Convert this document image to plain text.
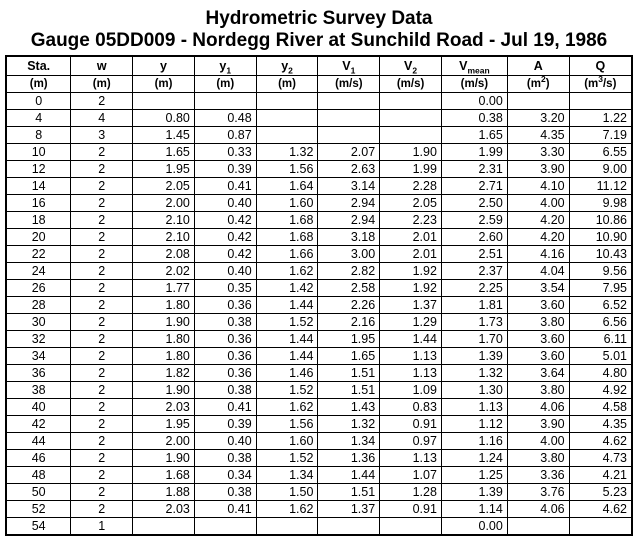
Hydrometric Survey Data
Gauge 05DD009 - Nordegg River at Sunchild Road - Jul 19, 1986
Sta.	w	y	$y_1$	$y_2$	$V_1$	$V_2$	$V_{mean}$	A	Q
(m)	(m)	(m)	(m)	(m)	(m/s)	(m/s)	(m/s)	$(m^2)$	$(m^3/s)$
0	2						0.00		
4	4	0.80	0.48				0.38	3.20	1.22
8	3	1.45	0.87				1.65	4.35	7.19
10	2	1.65	0.33	1.32	2.07	1.90	1.99	3.30	6.55
12	2	1.95	0.39	1.56	2.63	1.99	2.31	3.90	9.00
14	2	2.05	0.41	1.64	3.14	2.28	2.71	4.10	11.12
16	2	2.00	0.40	1.60	2.94	2.05	2.50	4.00	9.98
18	2	2.10	0.42	1.68	2.94	2.23	2.59	4.20	10.86
20	2	2.10	0.42	1.68	3.18	2.01	2.60	4.20	10.90
22	2	2.08	0.42	1.66	3.00	2.01	2.51	4.16	10.43
24	2	2.02	0.40	1.62	2.82	1.92	2.37	4.04	9.56
26	2	1.77	0.35	1.42	2.58	1.92	2.25	3.54	7.95
28	2	1.80	0.36	1.44	2.26	1.37	1.81	3.60	6.52
30	2	1.90	0.38	1.52	2.16	1.29	1.73	3.80	6.56
32	2	1.80	0.36	1.44	1.95	1.44	1.70	3.60	6.11
34	2	1.80	0.36	1.44	1.65	1.13	1.39	3.60	5.01
36	2	1.82	0.36	1.46	1.51	1.13	1.32	3.64	4.80
38	2	1.90	0.38	1.52	1.51	1.09	1.30	3.80	4.92
40	2	2.03	0.41	1.62	1.43	0.83	1.13	4.06	4.58
42	2	1.95	0.39	1.56	1.32	0.91	1.12	3.90	4.35
44	2	2.00	0.40	1.60	1.34	0.97	1.16	4.00	4.62
46	2	1.90	0.38	1.52	1.36	1.13	1.24	3.80	4.73
48	2	1.68	0.34	1.34	1.44	1.07	1.25	3.36	4.21
50	2	1.88	0.38	1.50	1.51	1.28	1.39	3.76	5.23
52	2	2.03	0.41	1.62	1.37	0.91	1.14	4.06	4.62
54	1						0.00		
